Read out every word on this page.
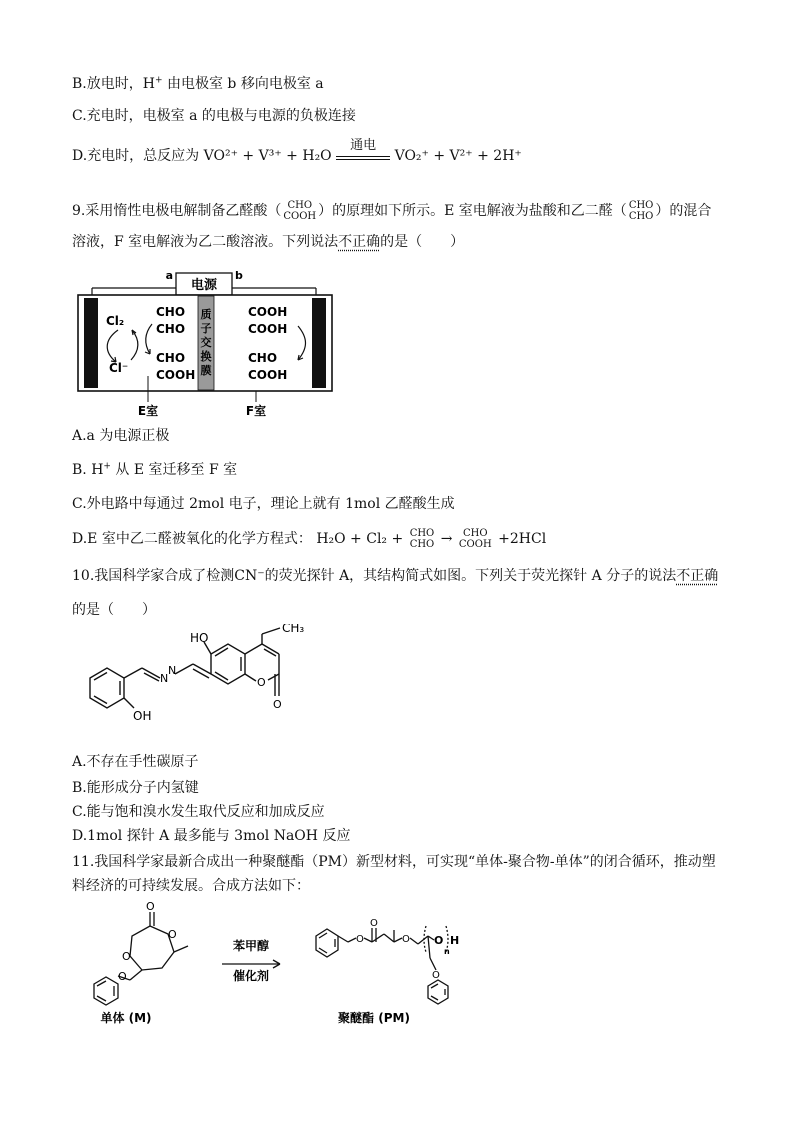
B.放电时，H+ 由电极室 b 移向电极室 a
C.充电时，电极室 a 的电极与电源的负极连接
D.充电时，总反应为 VO²⁺ + V³⁺ + H₂O
通电
VO₂⁺ + V²⁺ + 2H⁺
9.采用惰性电极电解制备乙醛酸（ CHO
COOH ）的原理如下所示。E 室电解液为盐酸和乙二醛（ CHO
CHO ）的混合
溶液，F 室电解液为乙二酸溶液。下列说法不正确的是（　　）
电源
a	b
质子交换膜
Cl₂
Cl⁻
CHO
CHO
CHO
COOH
COOH
COOH
CHO
COOH
E室	F室
A.a 为电源正极
B. H+ 从 E 室迁移至 F 室
C.外电路中每通过 2mol 电子，理论上就有 1mol 乙醛酸生成
D.E 室中乙二醛被氧化的化学方程式： H₂O + Cl₂ + CHO
CHO → CHO
COOH +2HCl
10.我国科学家合成了检测CN⁻的荧光探针 A，其结构简式如图。下列关于荧光探针 A 分子的说法不正确
的是（　　）
HO
N
N
CH₃
OH
O
O
A.不存在手性碳原子
B.能形成分子内氢键
C.能与饱和溴水发生取代反应和加成反应
D.1mol 探针 A 最多能与 3mol NaOH 反应
11.我国科学家最新合成出一种聚醚酯（PM）新型材料，可实现“单体-聚合物-单体”的闭合循环，推动塑
料经济的可持续发展。合成方法如下：
O
O
O
O
苯甲醇
催化剂
O
O
O O H
n
O
单体 (M)	聚醚酯 (PM)
